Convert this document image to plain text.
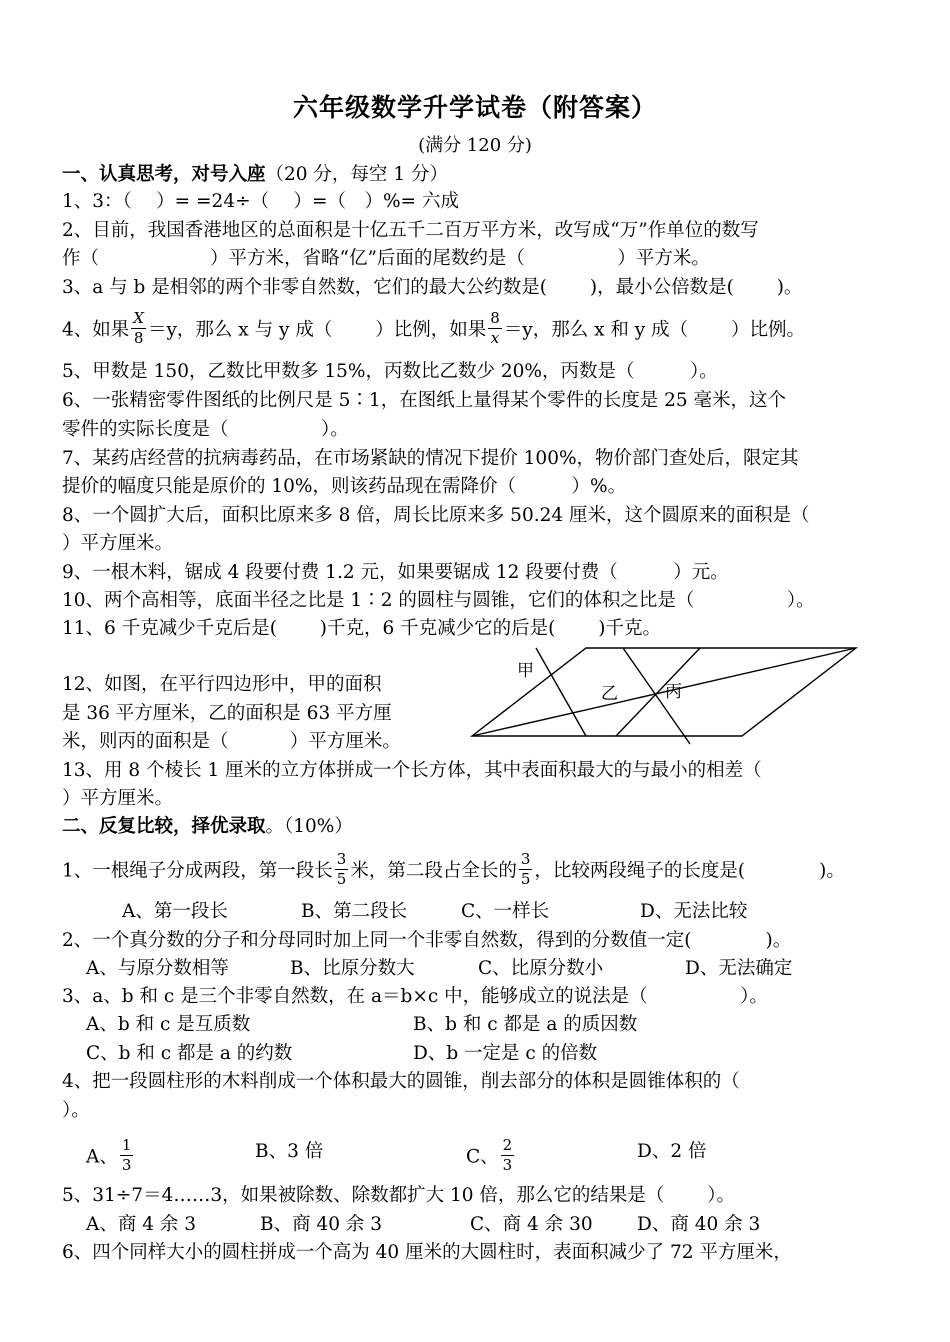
六年级数学升学试卷（附答案）
(满分 120 分)
一、认真思考，对号入座（20 分，每空 1 分）
1、3：（　 ）= =24÷（　 ）=（　）%= 六成
2、目前，我国香港地区的总面积是十亿五千二百万平方米，改写成“万”作单位的数写
作（　　　　　　）平方米，省略“亿”后面的尾数约是（　　　　　）平方米。
3、a 与 b 是相邻的两个非零自然数，它们的最大公约数是(　　 )，最小公倍数是(　　 )。
4、如果 $\frac{X}{8} =y$，那么 x 与 y 成（　　 ）比例，如果 $\frac{8}{x} =y$，那么 x 和 y 成（　　 ）比例。
5、甲数是 150，乙数比甲数多 15%，丙数比乙数少 20%，丙数是（　　　）。
6、一张精密零件图纸的比例尺是 5∶1，在图纸上量得某个零件的长度是 25 毫米，这个
零件的实际长度是（　　　　　）。
7、某药店经营的抗病毒药品，在市场紧缺的情况下提价 100%，物价部门查处后，限定其
提价的幅度只能是原价的 10%，则该药品现在需降价（　　　）%。
8、一个圆扩大后，面积比原来多 8 倍，周长比原来多 50.24 厘米，这个圆原来的面积是（
）平方厘米。
9、一根木料，锯成 4 段要付费 1.2 元，如果要锯成 12 段要付费（　　　）元。
10、两个高相等，底面半径之比是 1∶2 的圆柱与圆锥，它们的体积之比是（　　　　　）。
11、6 千克减少千克后是(　　 )千克，6 千克减少它的后是(　　 )千克。
甲
乙	丙
12、如图，在平行四边形中，甲的面积
是 36 平方厘米，乙的面积是 63 平方厘
米，则丙的面积是（　　　 ）平方厘米。
13、用 8 个棱长 1 厘米的立方体拼成一个长方体，其中表面积最大的与最小的相差（
）平方厘米。
二、反复比较，择优录取。（10%）
1、一根绳子分成两段，第一段长 $\frac{3}{5}$ 米，第二段占全长的 $\frac{3}{5}$ ，比较两段绳子的长度是(　　　　)。
A、第一段长	B、第二段长	C、一样长	D、无法比较
2、一个真分数的分子和分母同时加上同一个非零自然数，得到的分数值一定(　　　　)。
A、与原分数相等	B、比原分数大	C、比原分数小	D、无法确定
3、a、b 和 c 是三个非零自然数，在 a＝b×c 中，能够成立的说法是（　　　　　）。
A、b 和 c 是互质数	B、b 和 c 都是 a 的质因数
C、b 和 c 都是 a 的约数	D、b 一定是 c 的倍数
4、把一段圆柱形的木料削成一个体积最大的圆锥，削去部分的体积是圆锥体积的（
）。
A、 $\frac{1}{3}$	B、3 倍	C、 $\frac{2}{3}$	D、2 倍
5、31÷7＝4……3，如果被除数、除数都扩大 10 倍，那么它的结果是（　　 ）。
A、商 4 余 3	B、商 40 余 3	C、商 4 余 30 D、商 40 余 3
6、四个同样大小的圆柱拼成一个高为 40 厘米的大圆柱时，表面积减少了 72 平方厘米，
